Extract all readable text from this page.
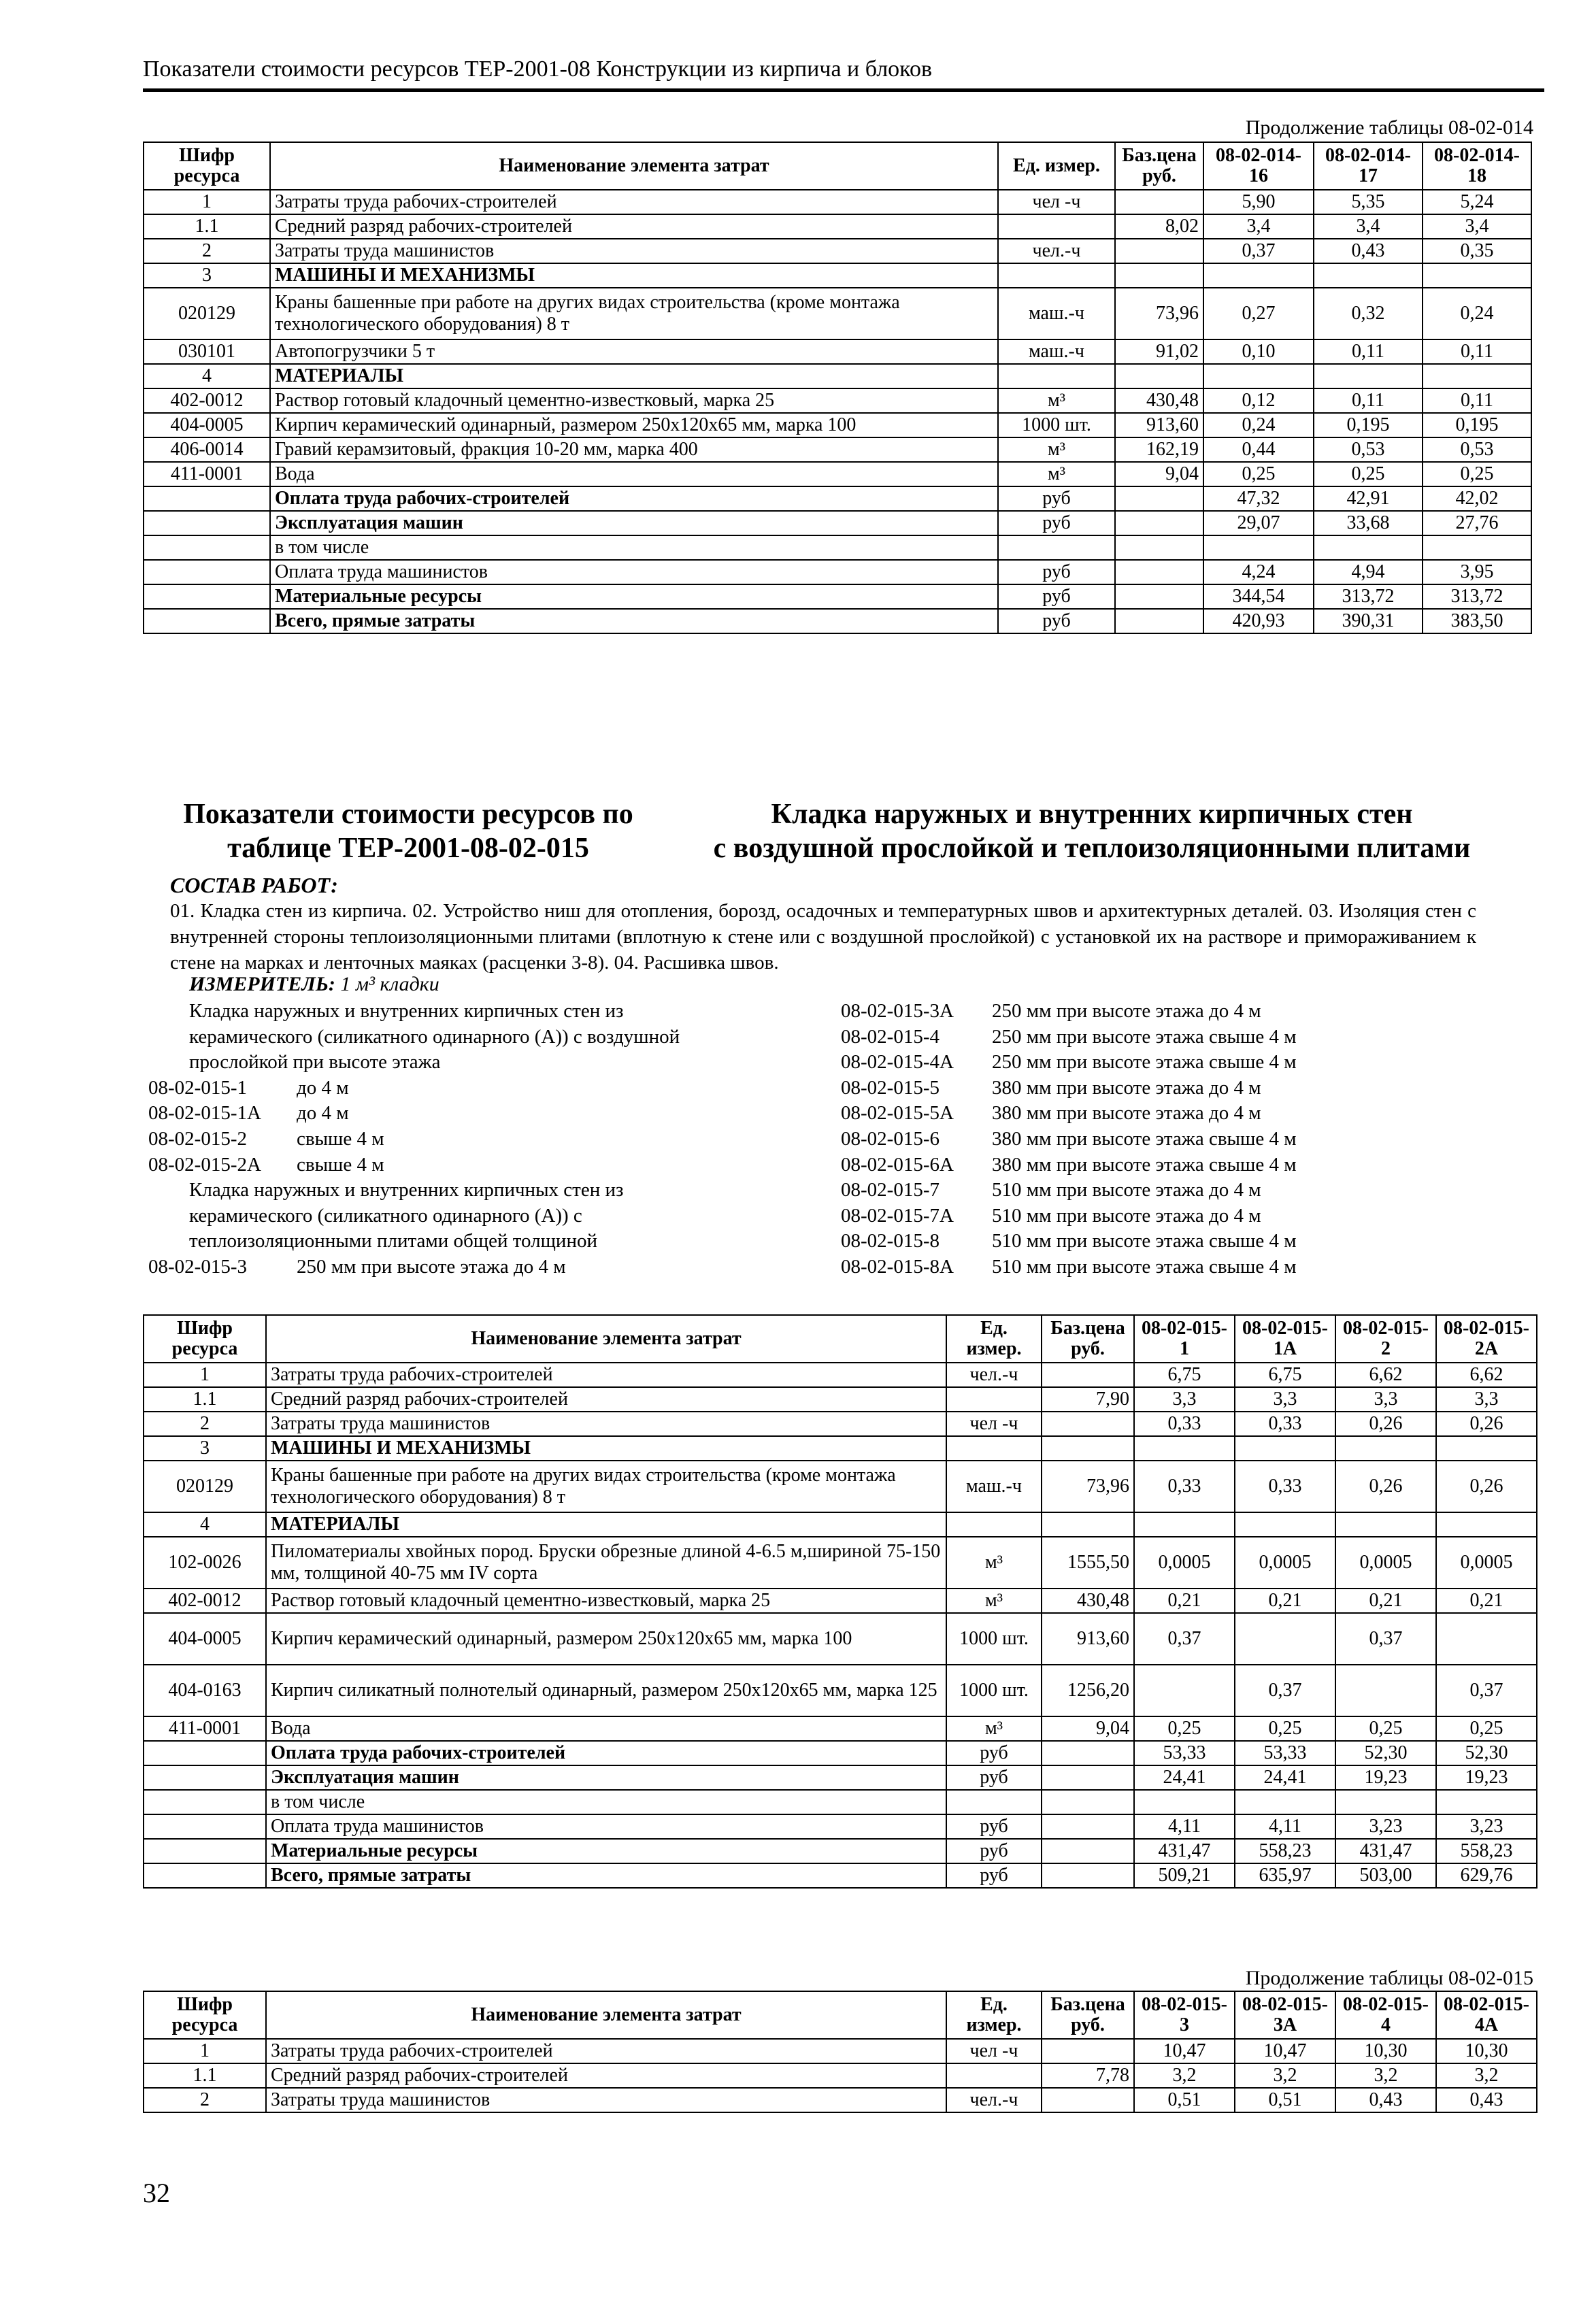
Показатели стоимости ресурсов ТЕР-2001-08 Конструкции из кирпича и блоков
Продолжение таблицы 08-02-014
Шифр ресурса	Наименование элемента затрат	Ед. измер.	Баз.цена руб.	08-02-014-16	08-02-014-17	08-02-014-18
1	Затраты труда рабочих-строителей	чел -ч		5,90	5,35	5,24
1.1	Средний разряд рабочих-строителей		8,02	3,4	3,4	3,4
2	Затраты труда машинистов	чел.-ч		0,37	0,43	0,35
3	МАШИНЫ И МЕХАНИЗМЫ					
020129	Краны башенные при работе на других видах строительства (кроме монтажа технологического оборудования) 8 т	маш.-ч	73,96	0,27	0,32	0,24
030101	Автопогрузчики 5 т	маш.-ч	91,02	0,10	0,11	0,11
4	МАТЕРИАЛЫ					
402-0012	Раствор готовый кладочный цементно-известковый, марка 25	м³	430,48	0,12	0,11	0,11
404-0005	Кирпич керамический одинарный, размером 250х120х65 мм, марка 100	1000 шт.	913,60	0,24	0,195	0,195
406-0014	Гравий керамзитовый, фракция 10-20 мм, марка 400	м³	162,19	0,44	0,53	0,53
411-0001	Вода	м³	9,04	0,25	0,25	0,25
	Оплата труда рабочих-строителей	руб		47,32	42,91	42,02
	Эксплуатация машин	руб		29,07	33,68	27,76
	в том числе					
	Оплата труда машинистов	руб		4,24	4,94	3,95
	Материальные ресурсы	руб		344,54	313,72	313,72
	Всего, прямые затраты	руб		420,93	390,31	383,50
Показатели стоимости ресурсов по
таблице ТЕР-2001-08-02-015
Кладка наружных и внутренних кирпичных стен
с воздушной прослойкой и теплоизоляционными плитами
СОСТАВ РАБОТ:
01. Кладка стен из кирпича. 02. Устройство ниш для отопления, борозд, осадочных и температурных швов и архитектурных деталей. 03. Изоляция стен с внутренней стороны теплоизоляционными плитами (вплотную к стене или с воздушной прослойкой) с установкой их на растворе и примораживанием к стене на марках и ленточных маяках (расценки 3-8). 04. Расшивка швов.
ИЗМЕРИТЕЛЬ: 1 м³ кладки
Кладка наружных и внутренних кирпичных стен из керамического (силикатного одинарного (А)) с воздушной прослойкой при высоте этажа
08-02-015-1	до 4 м
08-02-015-1А	до 4 м
08-02-015-2	свыше 4 м
08-02-015-2А	свыше 4 м
Кладка наружных и внутренних кирпичных стен из керамического (силикатного одинарного (А)) с теплоизоляционными плитами общей толщиной
08-02-015-3	250 мм при высоте этажа до 4 м
08-02-015-3А	250 мм при высоте этажа до 4 м
08-02-015-4	250 мм при высоте этажа свыше 4 м
08-02-015-4А	250 мм при высоте этажа свыше 4 м
08-02-015-5	380 мм при высоте этажа до 4 м
08-02-015-5А	380 мм при высоте этажа до 4 м
08-02-015-6	380 мм при высоте этажа свыше 4 м
08-02-015-6А	380 мм при высоте этажа свыше 4 м
08-02-015-7	510 мм при высоте этажа до 4 м
08-02-015-7А	510 мм при высоте этажа до 4 м
08-02-015-8	510 мм при высоте этажа свыше 4 м
08-02-015-8А	510 мм при высоте этажа свыше 4 м
Шифр ресурса	Наименование элемента затрат	Ед. измер.	Баз.цена руб.	08-02-015-1	08-02-015-1А	08-02-015-2	08-02-015-2А
1	Затраты труда рабочих-строителей	чел.-ч		6,75	6,75	6,62	6,62
1.1	Средний разряд рабочих-строителей		7,90	3,3	3,3	3,3	3,3
2	Затраты труда машинистов	чел -ч		0,33	0,33	0,26	0,26
3	МАШИНЫ И МЕХАНИЗМЫ						
020129	Краны башенные при работе на других видах строительства (кроме монтажа технологического оборудования) 8 т	маш.-ч	73,96	0,33	0,33	0,26	0,26
4	МАТЕРИАЛЫ						
102-0026	Пиломатериалы хвойных пород. Бруски обрезные длиной 4-6.5 м,шириной 75-150 мм, толщиной 40-75 мм IV сорта	м³	1555,50	0,0005	0,0005	0,0005	0,0005
402-0012	Раствор готовый кладочный цементно-известковый, марка 25	м³	430,48	0,21	0,21	0,21	0,21
404-0005	Кирпич керамический одинарный, размером 250х120х65 мм, марка 100	1000 шт.	913,60	0,37		0,37	
404-0163	Кирпич силикатный полнотелый одинарный, размером 250х120х65 мм, марка 125	1000 шт.	1256,20		0,37		0,37
411-0001	Вода	м³	9,04	0,25	0,25	0,25	0,25
	Оплата труда рабочих-строителей	руб		53,33	53,33	52,30	52,30
	Эксплуатация машин	руб		24,41	24,41	19,23	19,23
	в том числе						
	Оплата труда машинистов	руб		4,11	4,11	3,23	3,23
	Материальные ресурсы	руб		431,47	558,23	431,47	558,23
	Всего, прямые затраты	руб		509,21	635,97	503,00	629,76
Продолжение таблицы 08-02-015
Шифр ресурса	Наименование элемента затрат	Ед. измер.	Баз.цена руб.	08-02-015-3	08-02-015-3А	08-02-015-4	08-02-015-4А
1	Затраты труда рабочих-строителей	чел -ч		10,47	10,47	10,30	10,30
1.1	Средний разряд рабочих-строителей		7,78	3,2	3,2	3,2	3,2
2	Затраты труда машинистов	чел.-ч		0,51	0,51	0,43	0,43
32
